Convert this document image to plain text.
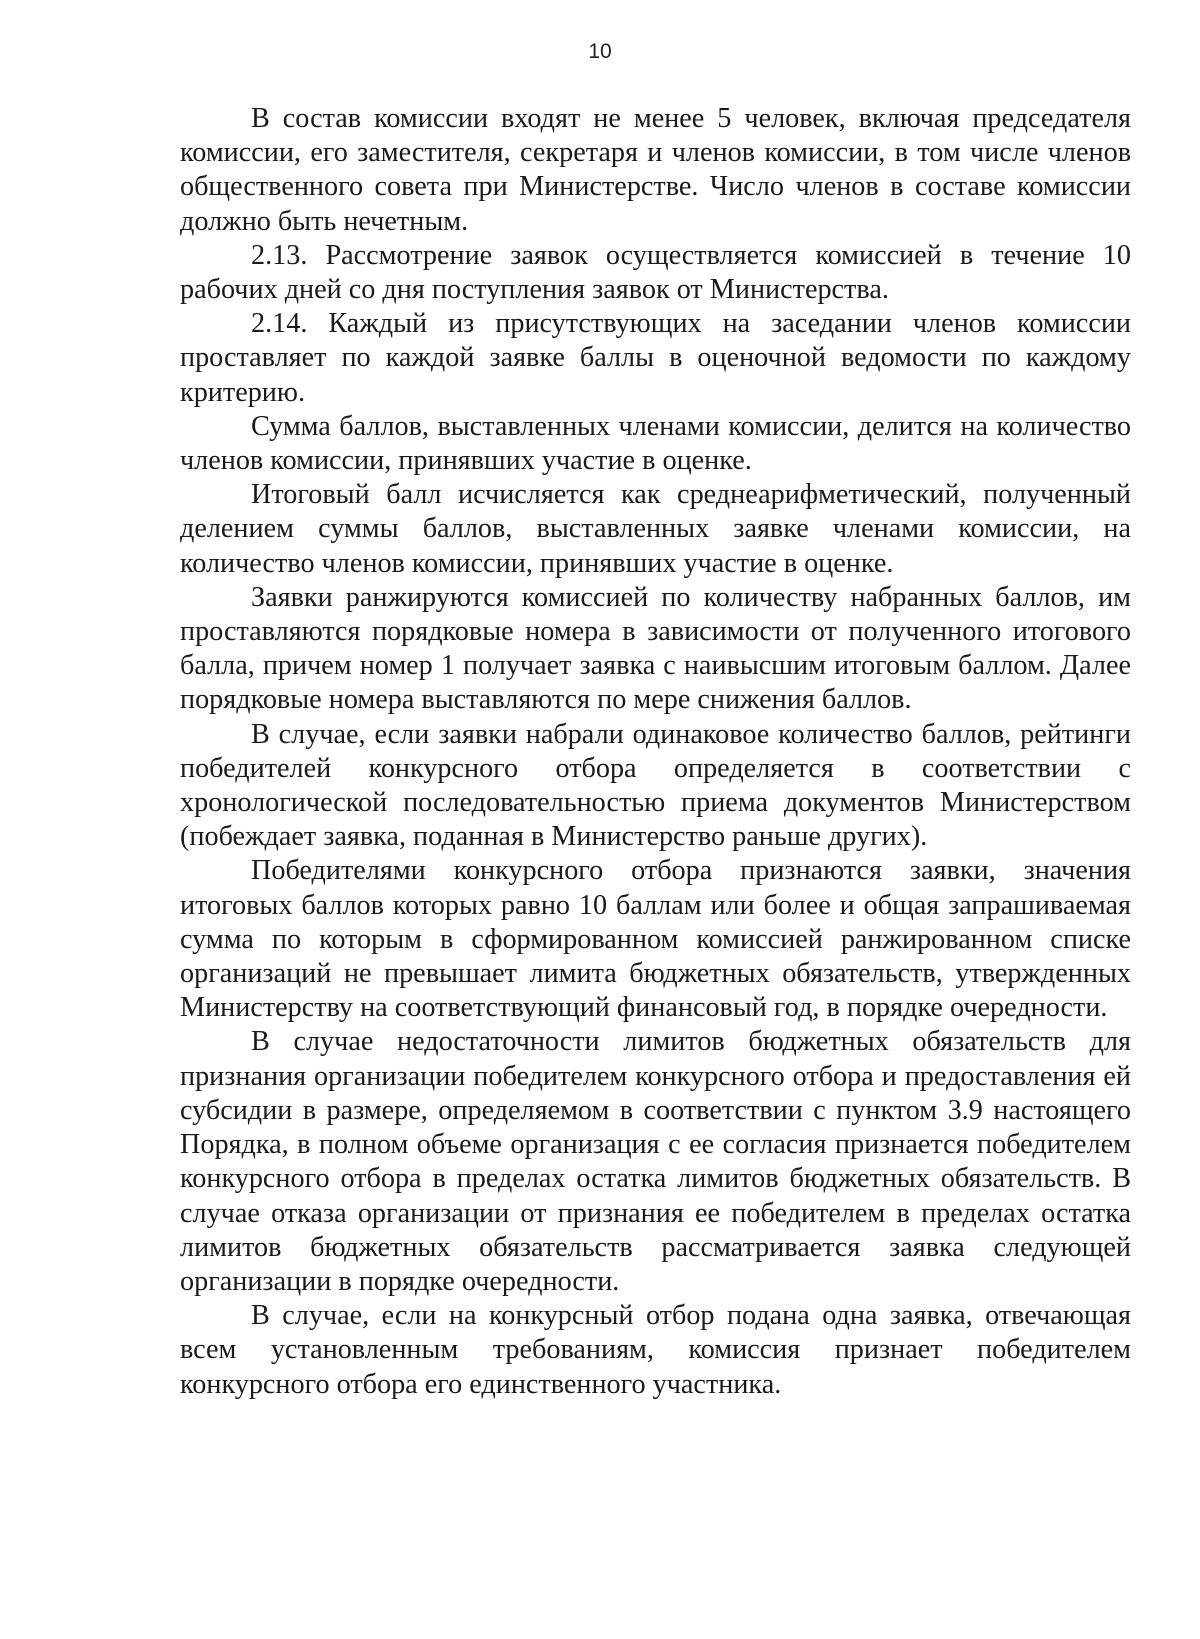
10

В состав комиссии входят не менее 5 человек, включая председателя комиссии, его заместителя, секретаря и членов комиссии, в том числе членов общественного совета при Министерстве. Число членов в составе комиссии должно быть нечетным.

2.13. Рассмотрение заявок осуществляется комиссией в течение 10 рабочих дней со дня поступления заявок от Министерства.

2.14. Каждый из присутствующих на заседании членов комиссии проставляет по каждой заявке баллы в оценочной ведомости по каждому критерию.

Сумма баллов, выставленных членами комиссии, делится на количество членов комиссии, принявших участие в оценке.

Итоговый балл исчисляется как среднеарифметический, полученный делением суммы баллов, выставленных заявке членами комиссии, на количество членов комиссии, принявших участие в оценке.

Заявки ранжируются комиссией по количеству набранных баллов, им проставляются порядковые номера в зависимости от полученного итогового балла, причем номер 1 получает заявка с наивысшим итоговым баллом. Далее порядковые номера выставляются по мере снижения баллов.

В случае, если заявки набрали одинаковое количество баллов, рейтинги победителей конкурсного отбора определяется в соответствии с хронологической последовательностью приема документов Министерством (побеждает заявка, поданная в Министерство раньше других).

Победителями конкурсного отбора признаются заявки, значения итоговых баллов которых равно 10 баллам или более и общая запрашиваемая сумма по которым в сформированном комиссией ранжированном списке организаций не превышает лимита бюджетных обязательств, утвержденных Министерству на соответствующий финансовый год, в порядке очередности.

В случае недостаточности лимитов бюджетных обязательств для признания организации победителем конкурсного отбора и предоставления ей субсидии в размере, определяемом в соответствии с пунктом 3.9 настоящего Порядка, в полном объеме организация с ее согласия признается победителем конкурсного отбора в пределах остатка лимитов бюджетных обязательств. В случае отказа организации от признания ее победителем в пределах остатка лимитов бюджетных обязательств рассматривается заявка следующей организации в порядке очередности.

В случае, если на конкурсный отбор подана одна заявка, отвечающая всем установленным требованиям, комиссия признает победителем конкурсного отбора его единственного участника.
